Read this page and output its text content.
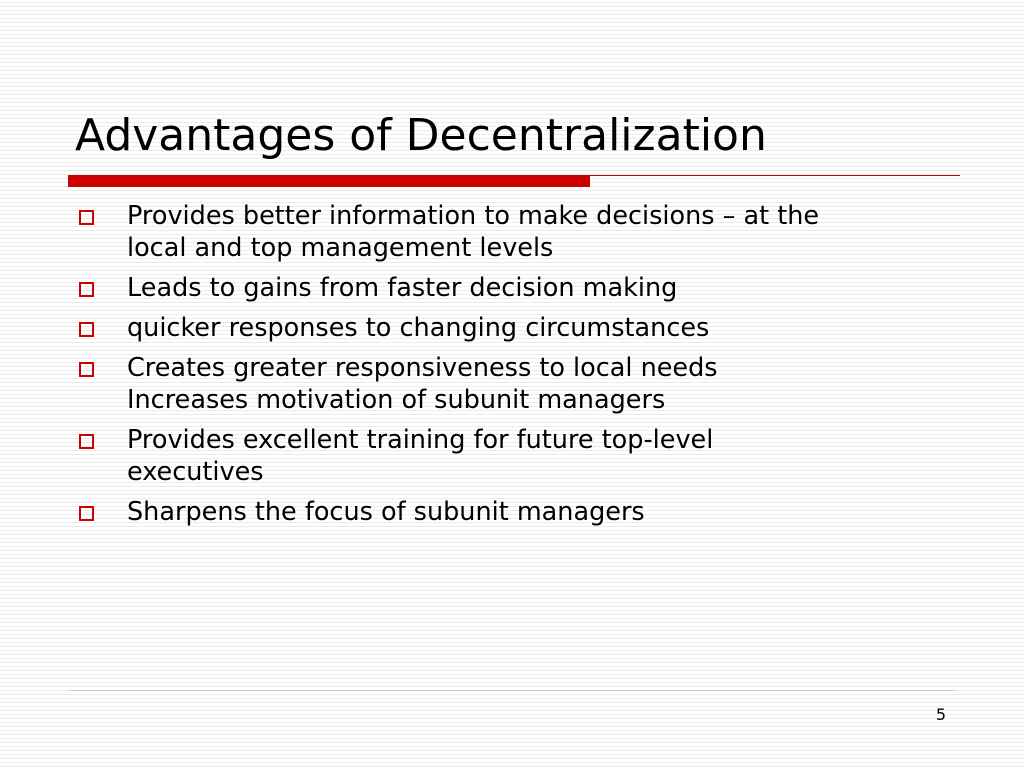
Advantages of Decentralization
Provides better information to make decisions – at the
local and top management levels
Leads to gains from faster decision making
quicker responses to changing circumstances
Creates greater responsiveness to local needs
Increases motivation of subunit managers
Provides excellent training for future top-level
executives
Sharpens the focus of subunit managers
5
